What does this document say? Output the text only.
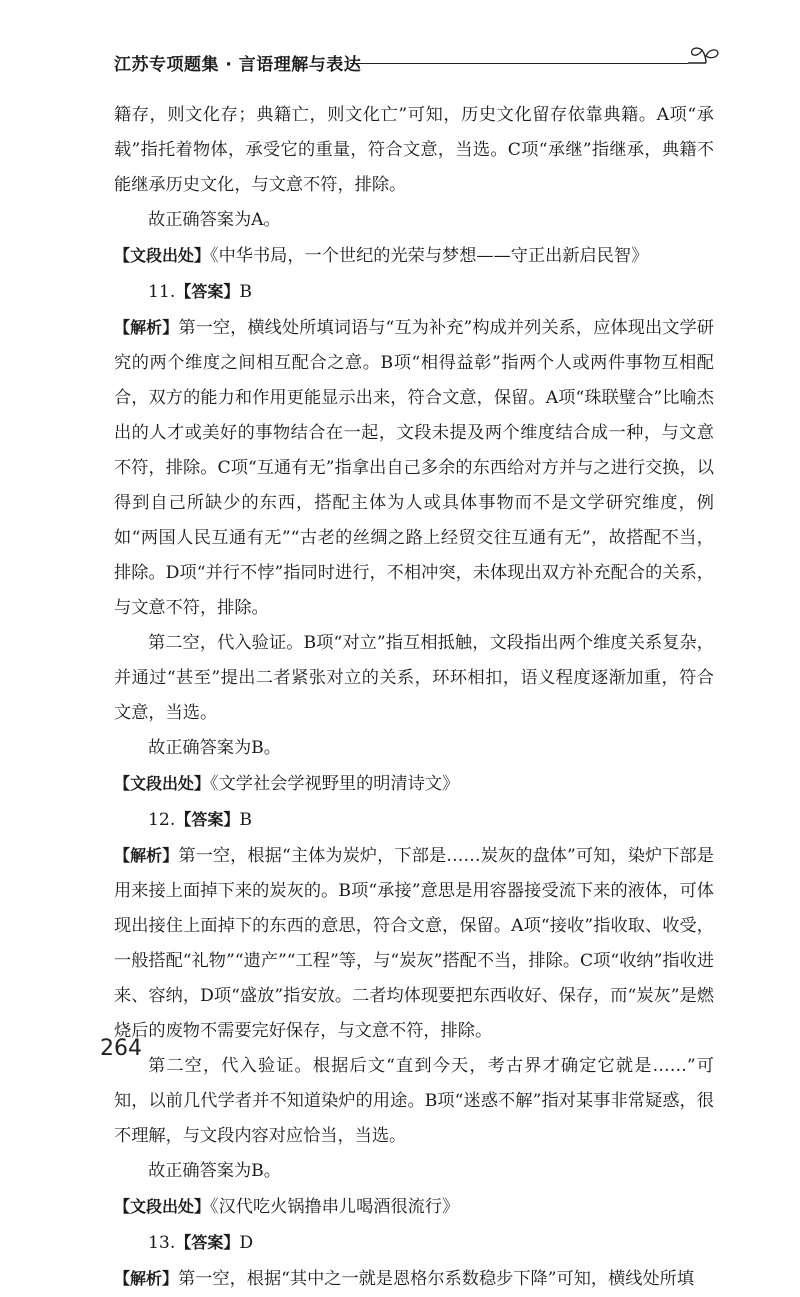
江苏专项题集 · 言语理解与表达

籍存，则文化存；典籍亡，则文化亡”可知，历史文化留存依靠典籍。A项“承载”指托着物体，承受它的重量，符合文意，当选。C项“承继”指继承，典籍不能继承历史文化，与文意不符，排除。

故正确答案为A。

【文段出处】《中华书局，一个世纪的光荣与梦想——守正出新启民智》

11.【答案】B

【解析】第一空，横线处所填词语与“互为补充”构成并列关系，应体现出文学研究的两个维度之间相互配合之意。B项“相得益彰”指两个人或两件事物互相配合，双方的能力和作用更能显示出来，符合文意，保留。A项“珠联璧合”比喻杰出的人才或美好的事物结合在一起，文段未提及两个维度结合成一种，与文意不符，排除。C项“互通有无”指拿出自己多余的东西给对方并与之进行交换，以得到自己所缺少的东西，搭配主体为人或具体事物而不是文学研究维度，例如“两国人民互通有无”“古老的丝绸之路上经贸交往互通有无”，故搭配不当，排除。D项“并行不悖”指同时进行，不相冲突，未体现出双方补充配合的关系，与文意不符，排除。

第二空，代入验证。B项“对立”指互相抵触，文段指出两个维度关系复杂，并通过“甚至”提出二者紧张对立的关系，环环相扣，语义程度逐渐加重，符合文意，当选。

故正确答案为B。

【文段出处】《文学社会学视野里的明清诗文》

12.【答案】B

【解析】第一空，根据“主体为炭炉，下部是……炭灰的盘体”可知，染炉下部是用来接上面掉下来的炭灰的。B项“承接”意思是用容器接受流下来的液体，可体现出接住上面掉下的东西的意思，符合文意，保留。A项“接收”指收取、收受，一般搭配“礼物”“遗产”“工程”等，与“炭灰”搭配不当，排除。C项“收纳”指收进来、容纳，D项“盛放”指安放。二者均体现要把东西收好、保存，而“炭灰”是燃烧后的废物不需要完好保存，与文意不符，排除。

第二空，代入验证。根据后文“直到今天，考古界才确定它就是……”可知，以前几代学者并不知道染炉的用途。B项“迷惑不解”指对某事非常疑惑，很不理解，与文段内容对应恰当，当选。

故正确答案为B。

【文段出处】《汉代吃火锅撸串儿喝酒很流行》

13.【答案】D

【解析】第一空，根据“其中之一就是恩格尔系数稳步下降”可知，横线处所填

264
